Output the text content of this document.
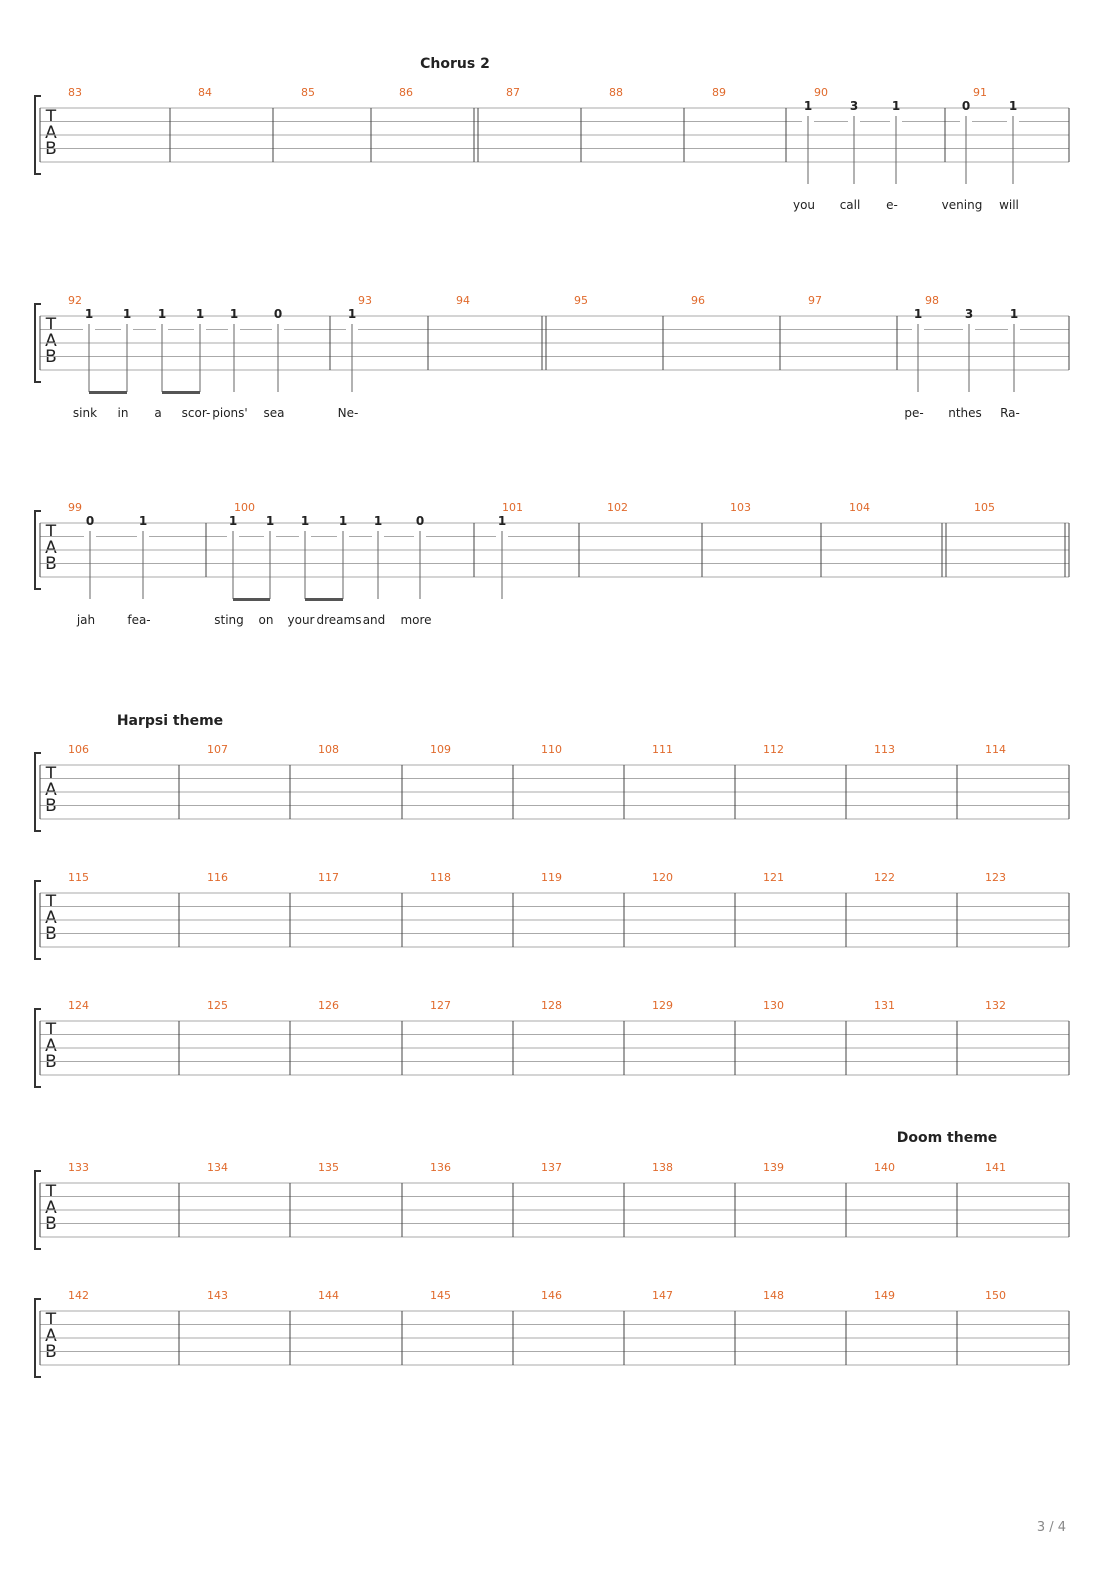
Chorus 2
T
A
B
83	84	85	86	87	88	89	90	91
1
you
3
call
1
e-
0
vening
1
will
T
A
B
92	93	94	95	96	97	98
1
sink
1
in
1
a
1
scor-
1
pions'
0
sea
1
Ne-
1
pe-
3
nthes
1
Ra-
T
A
B
99	100	101	102	103	104	105
0
jah
1
fea-
1
sting
1
on
1
your
1
dreams
1
and
0
more
1
Harpsi theme
T
A
B
106	107	108	109	110	111	112	113	114
T
A
B
115	116	117	118	119	120	121	122	123
T
A
B
124	125	126	127	128	129	130	131	132
Doom theme
T
A
B
133	134	135	136	137	138	139	140	141
T
A
B
142	143	144	145	146	147	148	149	150
3 / 4
